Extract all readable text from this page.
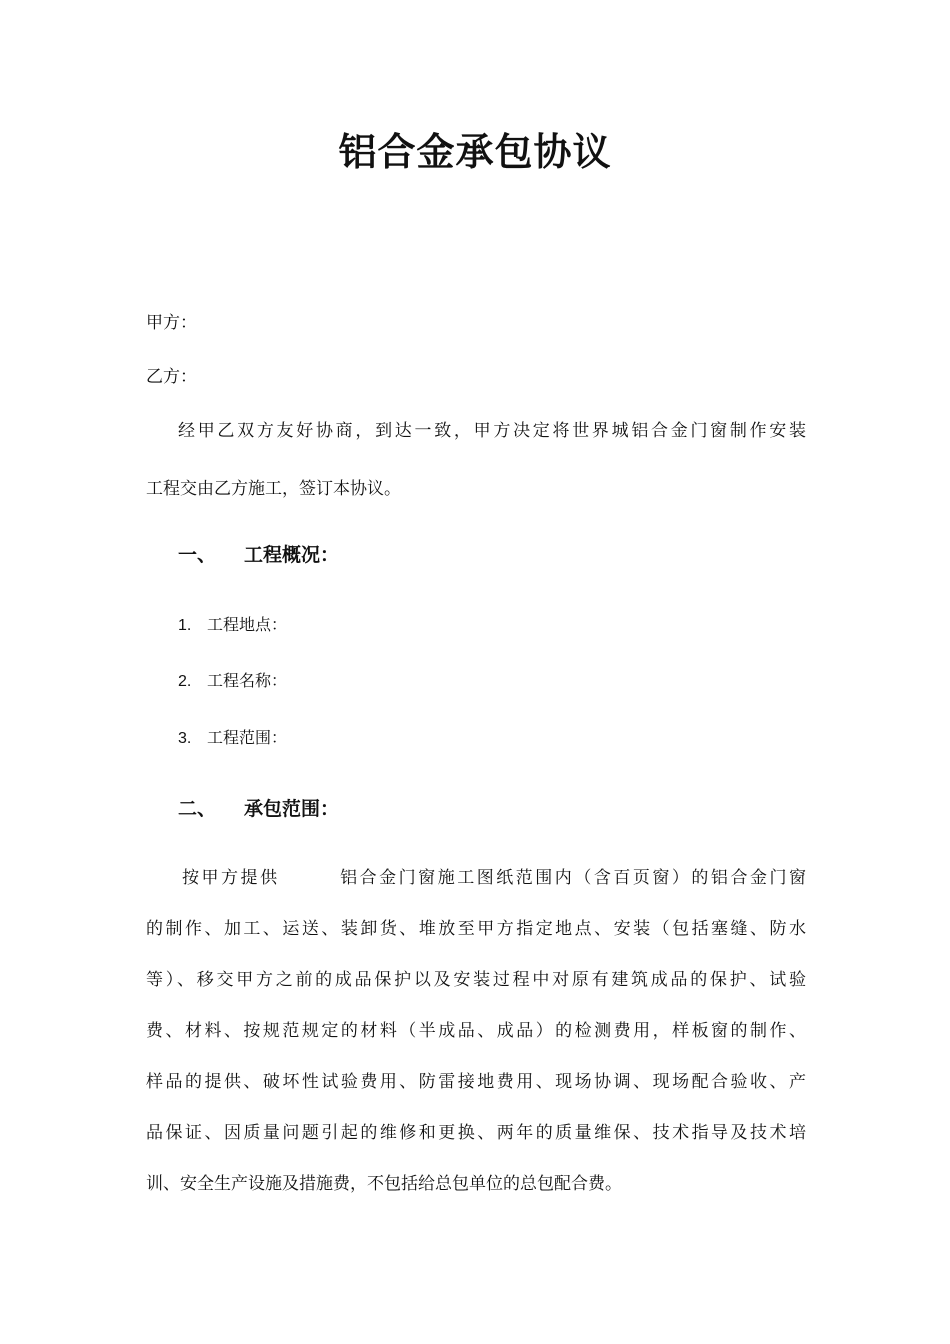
铝合金承包协议
甲方：
乙方：
经甲乙双方友好协商，到达一致，甲方决定将世界城铝合金门窗制作安装
工程交由乙方施工，签订本协议。
一、 工程概况：
1. 工程地点：
2. 工程名称：
3. 工程范围：
二、 承包范围：
按甲方提供	铝合金门窗施工图纸范围内（含百页窗）的铝合金门窗
的制作、加工、运送、装卸货、堆放至甲方指定地点、安装（包括塞缝、防水
等）、移交甲方之前的成品保护以及安装过程中对原有建筑成品的保护、试验
费、材料、按规范规定的材料（半成品、成品）的检测费用，样板窗的制作、
样品的提供、破坏性试验费用、防雷接地费用、现场协调、现场配合验收、产
品保证、因质量问题引起的维修和更换、两年的质量维保、技术指导及技术培
训、安全生产设施及措施费，不包括给总包单位的总包配合费。
